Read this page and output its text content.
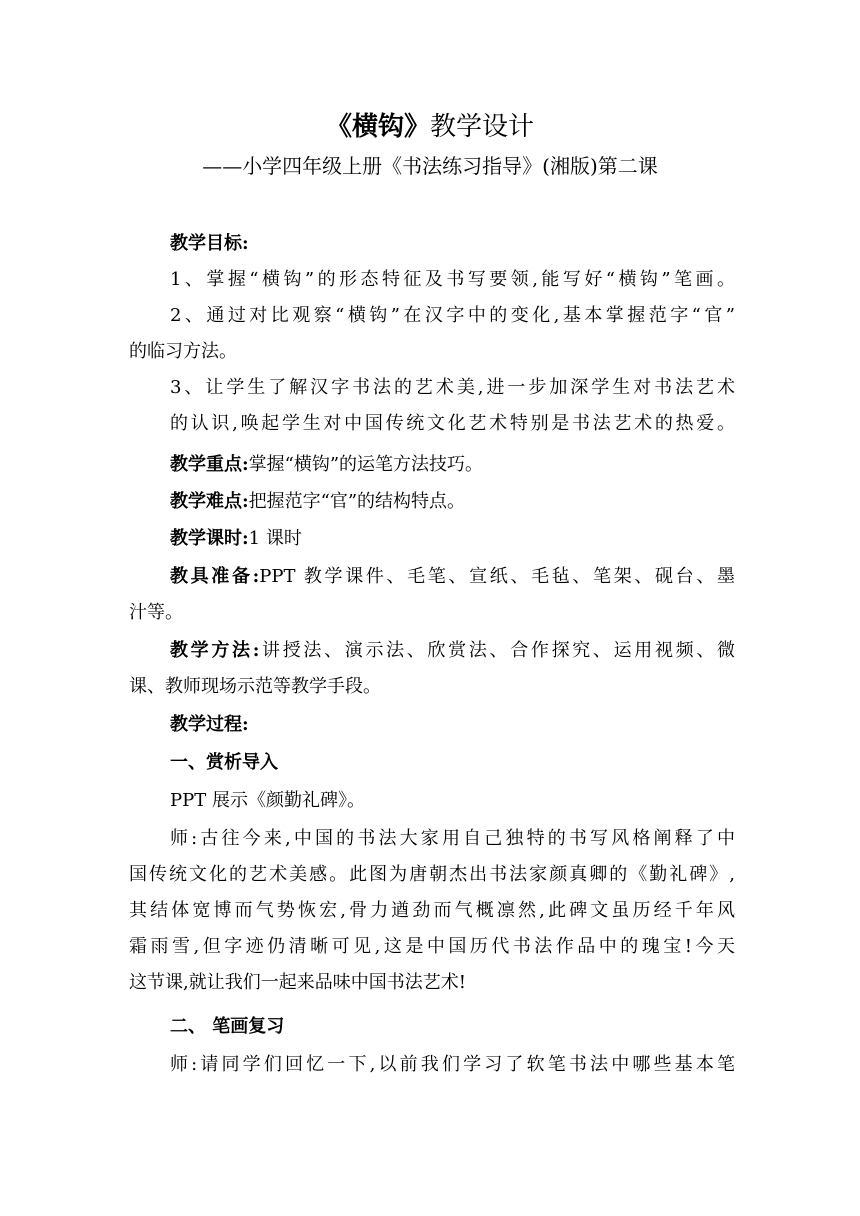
《横钩》教学设计
——小学四年级上册《书法练习指导》(湘版)第二课
教学目标:
1、掌握“横钩”的形态特征及书写要领,能写好“横钩”笔画。
2、通过对比观察“横钩”在汉字中的变化,基本掌握范字“官”
的临习方法。
3、让学生了解汉字书法的艺术美,进一步加深学生对书法艺术
的认识,唤起学生对中国传统文化艺术特别是书法艺术的热爱。
教学重点:掌握“横钩”的运笔方法技巧。
教学难点:把握范字“官”的结构特点。
教学课时:1 课时
教具准备:PPT 教学课件、毛笔、宣纸、毛毡、笔架、砚台、墨
汁等。
教学方法:讲授法、演示法、欣赏法、合作探究、运用视频、微
课、教师现场示范等教学手段。
教学过程:
一、赏析导入
PPT 展示《颜勤礼碑》。
师:古往今来,中国的书法大家用自己独特的书写风格阐释了中
国传统文化的艺术美感。此图为唐朝杰出书法家颜真卿的《勤礼碑》,
其结体宽博而气势恢宏,骨力遒劲而气概凛然,此碑文虽历经千年风
霜雨雪,但字迹仍清晰可见,这是中国历代书法作品中的瑰宝!今天
这节课,就让我们一起来品味中国书法艺术!
二、 笔画复习
师:请同学们回忆一下,以前我们学习了软笔书法中哪些基本笔
